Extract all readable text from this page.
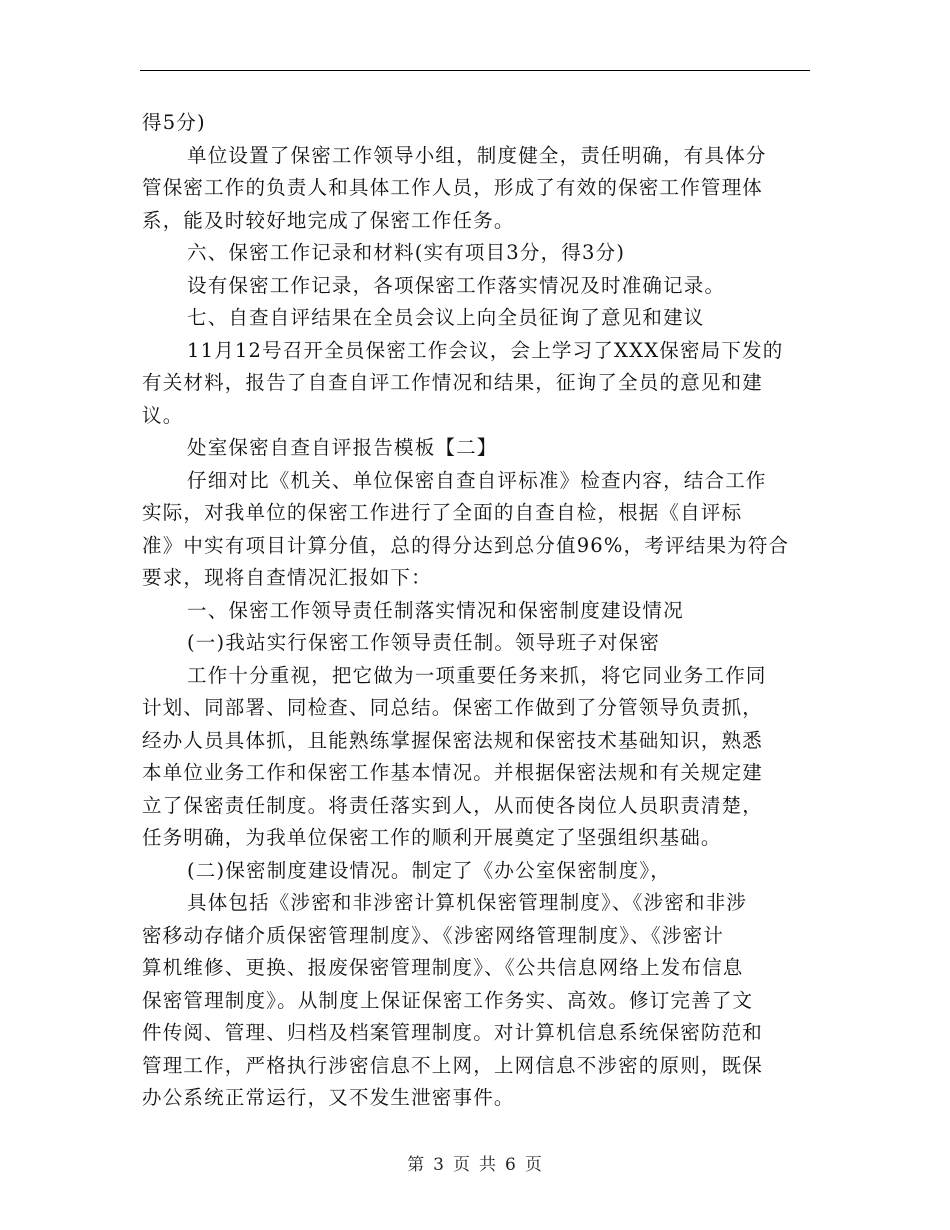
得5分)
单位设置了保密工作领导小组，制度健全，责任明确，有具体分
管保密工作的负责人和具体工作人员，形成了有效的保密工作管理体
系，能及时较好地完成了保密工作任务。
六、保密工作记录和材料(实有项目3分，得3分)
设有保密工作记录，各项保密工作落实情况及时准确记录。
七、自查自评结果在全员会议上向全员征询了意见和建议
11月12号召开全员保密工作会议，会上学习了XXX保密局下发的
有关材料，报告了自查自评工作情况和结果，征询了全员的意见和建
议。
处室保密自查自评报告模板【二】
仔细对比《机关、单位保密自查自评标准》检查内容，结合工作
实际，对我单位的保密工作进行了全面的自查自检，根据《自评标
准》中实有项目计算分值，总的得分达到总分值96%，考评结果为符合
要求，现将自查情况汇报如下：
一、保密工作领导责任制落实情况和保密制度建设情况
(一)我站实行保密工作领导责任制。领导班子对保密
工作十分重视，把它做为一项重要任务来抓，将它同业务工作同
计划、同部署、同检查、同总结。保密工作做到了分管领导负责抓，
经办人员具体抓，且能熟练掌握保密法规和保密技术基础知识，熟悉
本单位业务工作和保密工作基本情况。并根据保密法规和有关规定建
立了保密责任制度。将责任落实到人，从而使各岗位人员职责清楚，
任务明确，为我单位保密工作的顺利开展奠定了坚强组织基础。
(二)保密制度建设情况。制定了《办公室保密制度》，
具体包括《涉密和非涉密计算机保密管理制度》、《涉密和非涉
密移动存储介质保密管理制度》、《涉密网络管理制度》、《涉密计
算机维修、更换、报废保密管理制度》、《公共信息网络上发布信息
保密管理制度》。从制度上保证保密工作务实、高效。修订完善了文
件传阅、管理、归档及档案管理制度。对计算机信息系统保密防范和
管理工作，严格执行涉密信息不上网，上网信息不涉密的原则，既保
办公系统正常运行，又不发生泄密事件。
第 3 页 共 6 页
